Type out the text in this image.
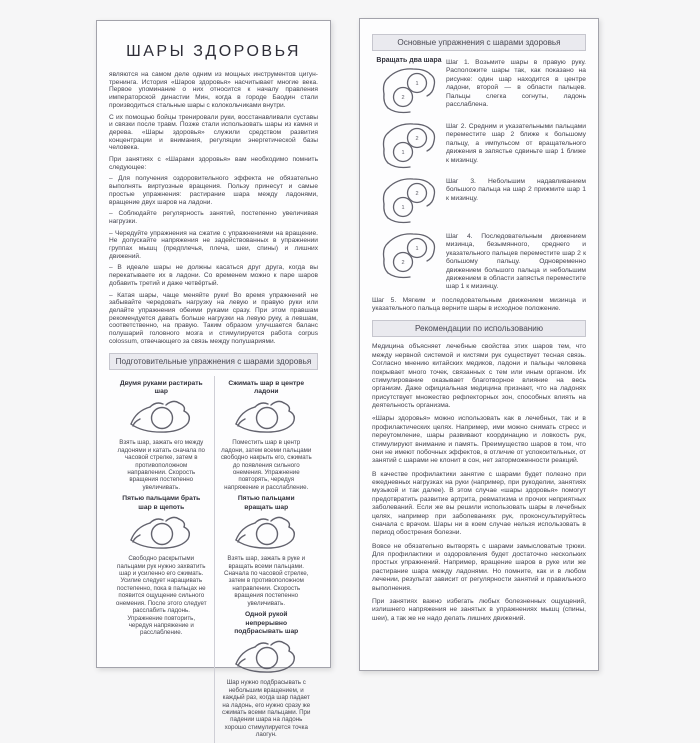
ШАРЫ ЗДОРОВЬЯ

являются на самом деле одним из мощных инструментов цигун-тренинга. История «Шаров здоровья» насчитывает многие века. Первое упоминание о них относится к началу правления императорской династии Мин, когда в городе Баодин стали производиться стальные шары с колокольчиками внутри.

С их помощью бойцы тренировали руки, восстанавливали суставы и связки после травм. Позже стали использовать шары из камня и дерева. «Шары здоровья» служили средством развития концентрации и внимания, регуляции энергетической базы человека.

При занятиях с «Шарами здоровья» вам необходимо помнить следующее:

– Для получения оздоровительного эффекта не обязательно выполнять виртуозные вращения. Пользу принесут и самые простые упражнения: растирание шара между ладонями, вращение двух шаров на ладони.

– Соблюдайте регулярность занятий, постепенно увеличивая нагрузки.

– Чередуйте упражнения на сжатие с упражнениями на вращение. Не допускайте напряжения не задействованных в упражнении группах мышц (предплечья, плеча, шеи, спины) и лишних движений.

– В идеале шары не должны касаться друг друга, когда вы перекатываете их в ладони. Со временем можно к паре шаров добавить третий и даже четвёртый.

– Катая шары, чаще меняйте руки! Во время упражнений не забывайте чередовать нагрузку на левую и правую руки или делайте упражнения обеими руками сразу. При этом правшам рекомендуется давать больше нагрузки на левую руку, а левшам, соответственно, на правую. Таким образом улучшается баланс полушарий головного мозга и стимулируется работа corpus colossum, отвечающего за связь между полушариями.

Подготовительные упражнения с шарами здоровья
Двумя руками растирать шар
Взять шар, зажать его между ладонями и катать сначала по часовой стрелке, затем в противоположном направлении. Скорость вращения постепенно увеличивать.
Пятью пальцами брать шар в щепоть
Свободно раскрытыми пальцами рук нужно захватить шар и усиленно его сжимать. Усилие следует наращивать постепенно, пока в пальцах не появится ощущение сильного онемения. После этого следует расслабить ладонь. Упражнение повторить, чередуя напряжение и расслабление.
Сжимать шар в центре ладони
Поместить шар в центр ладони, затем всеми пальцами свободно накрыть его, сжимать до появления сильного онемения. Упражнение повторять, чередуя напряжение и расслабление.
Пятью пальцами вращать шар
Взять шар, зажать в руке и вращать всеми пальцами. Сначала по часовой стрелке, затем в противоположном направлении. Скорость вращения постепенно увеличивать.
Одной рукой непрерывно подбрасывать шар
Шар нужно подбрасывать с небольшим вращением, и каждый раз, когда шар падает на ладонь, его нужно сразу же сжимать всеми пальцами. При падении шара на ладонь хорошо стимулируется точка лаогун.
Основные упражнения с шарами здоровья
Вращать два шара
1
2

Шаг 1. Возьмите шары в правую руку. Расположите шары так, как показано на рисунке: один шар находится в центре ладони, второй — в области пальцев. Пальцы слегка согнуты, ладонь расслаблена.

2
1

Шаг 2. Средним и указательными пальцами переместите шар 2 ближе к большому пальцу, а импульсом от вращательного движения в запястье сдвиньте шар 1 ближе к мизинцу.

2
1

Шаг 3. Небольшим надавливанием большого пальца на шар 2 прижмите шар 1 к мизинцу.

1
2

Шаг 4. Последовательным движением мизинца, безымянного, среднего и указательного пальцев переместите шар 2 к большому пальцу. Одновременно движением большого пальца и небольшим движением в области запястья переместите шар 1 к мизинцу.

Шаг 5. Мягким и последовательным движением мизинца и указательного пальца верните шары в исходное положение.

Рекомендации по использованию

Медицина объясняет лечебные свойства этих шаров тем, что между нервной системой и кистями рук существует тесная связь. Согласно мнению китайских медиков, ладони и пальцы человека покрывает много точек, связанных с тем или иным органом. Их стимулирование оказывает благотворное влияние на весь организм. Даже официальная медицина признает, что на ладонях присутствует множество рефлекторных зон, способных влиять на деятельность организма.

«Шары здоровья» можно использовать как в лечебных, так и в профилактических целях. Например, ими можно снимать стресс и переутомление, шары развивают координацию и ловкость рук, стимулируют внимание и память. Преимущество шаров в том, что они не имеют побочных эффектов, в отличие от успокоительных, от занятий с шарами не клонит в сон, нет заторможенности реакций.

В качестве профилактики занятие с шарами будет полезно при ежедневных нагрузках на руки (например, при рукоделии, занятиях музыкой и так далее). В этом случае «шары здоровья» помогут предотвратить развитие артрита, ревматизма и прочих неприятных заболеваний. Если же вы решили использовать шары в лечебных целях, например при заболеваниях рук, проконсультируйтесь сначала с врачом. Шары ни в коем случае нельзя использовать в период обострения болезни.

Вовсе не обязательно вытворять с шарами замысловатые трюки. Для профилактики и оздоровления будет достаточно нескольких простых упражнений. Например, вращение шаров в руке или же растирание шара между ладонями. Но помните, как и в любом лечении, результат зависит от регулярности занятий и правильного выполнения.

При занятиях важно избегать любых болезненных ощущений, излишнего напряжения не занятых в упражнениях мышц (спины, шеи), а так же не надо делать лишних движений.
